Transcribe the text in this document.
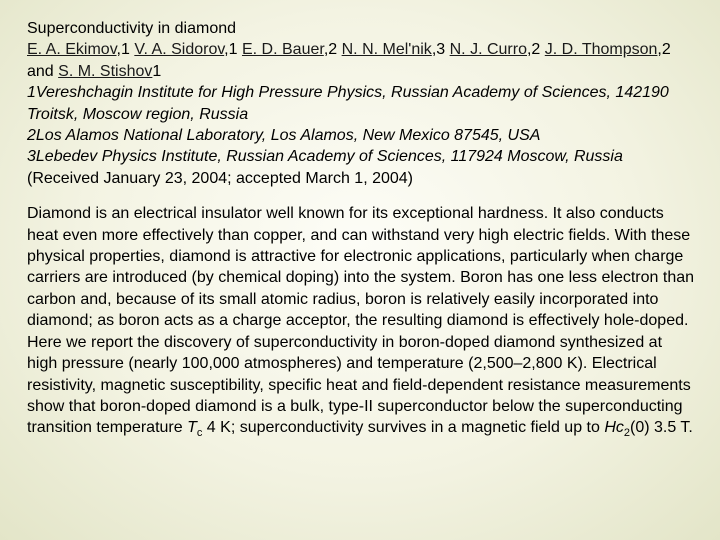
Superconductivity in diamond

E. A. Ekimov,1 V. A. Sidorov,1 E. D. Bauer,2 N. N. Mel'nik,3 N. J. Curro,2 J. D. Thompson,2 and S. M. Stishov1

1Vereshchagin Institute for High Pressure Physics, Russian Academy of Sciences, 142190 Troitsk, Moscow region, Russia

2Los Alamos National Laboratory, Los Alamos, New Mexico 87545, USA

3Lebedev Physics Institute, Russian Academy of Sciences, 117924 Moscow, Russia

(Received January 23, 2004; accepted March 1, 2004)

Diamond is an electrical insulator well known for its exceptional hardness. It also conducts heat even more effectively than copper, and can withstand very high electric fields. With these physical properties, diamond is attractive for electronic applications, particularly when charge carriers are introduced (by chemical doping) into the system. Boron has one less electron than carbon and, because of its small atomic radius, boron is relatively easily incorporated into diamond; as boron acts as a charge acceptor, the resulting diamond is effectively hole-doped. Here we report the discovery of superconductivity in boron-doped diamond synthesized at high pressure (nearly 100,000 atmospheres) and temperature (2,500–2,800 K). Electrical resistivity, magnetic susceptibility, specific heat and field-dependent resistance measurements show that boron-doped diamond is a bulk, type-II superconductor below the superconducting transition temperature $T_c$ 4 K; superconductivity survives in a magnetic field up to $Hc_2(0)$ 3.5 T.
